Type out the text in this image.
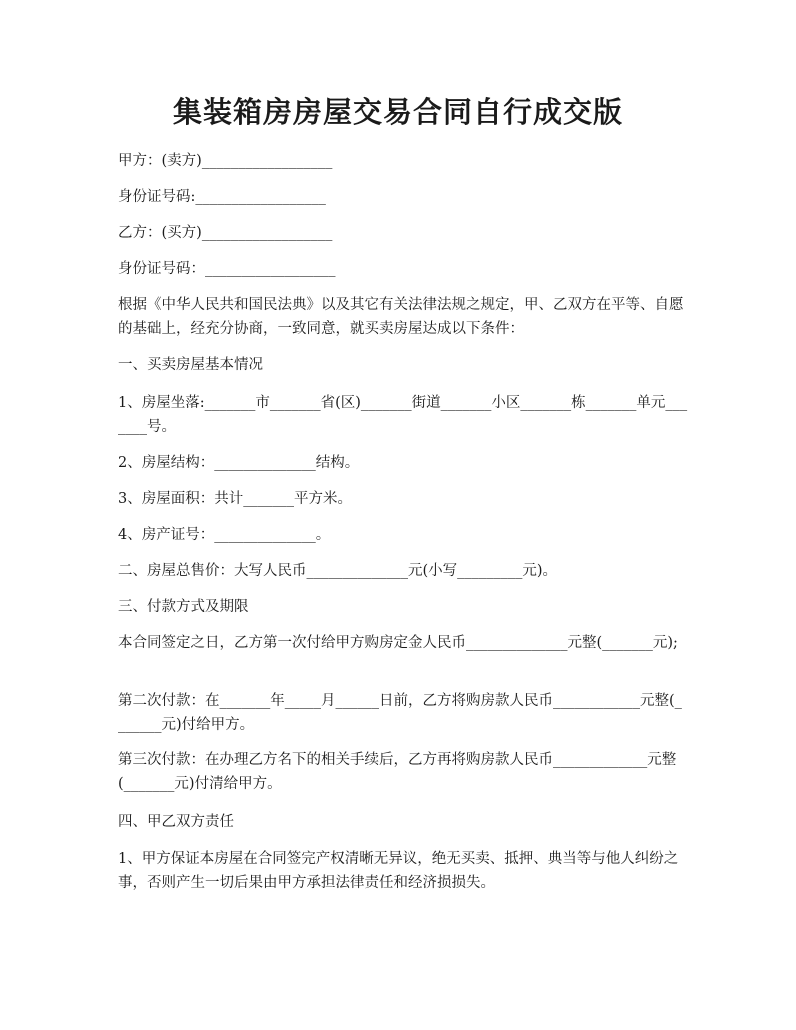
集装箱房房屋交易合同自行成交版

甲方：(卖方)__________________

身份证号码:__________________

乙方：(买方)__________________

身份证号码：__________________

根据《中华人民共和国民法典》以及其它有关法律法规之规定，甲、乙双方在平等、自愿的基础上，经充分协商，一致同意，就买卖房屋达成以下条件：

一、买卖房屋基本情况

1、房屋坐落:_______市_______省(区)_______街道_______小区_______栋_______单元_______号。

2、房屋结构：______________结构。

3、房屋面积：共计_______平方米。

4、房产证号：______________。

二、房屋总售价：大写人民币______________元(小写_________元)。

三、付款方式及期限

本合同签定之日，乙方第一次付给甲方购房定金人民币______________元整(_______元);

第二次付款：在_______年_____月______日前，乙方将购房款人民币____________元整(_______元)付给甲方。

第三次付款：在办理乙方名下的相关手续后，乙方再将购房款人民币_____________元整(_______元)付清给甲方。

四、甲乙双方责任

1、甲方保证本房屋在合同签完产权清晰无异议，绝无买卖、抵押、典当等与他人纠纷之事，否则产生一切后果由甲方承担法律责任和经济损损失。
